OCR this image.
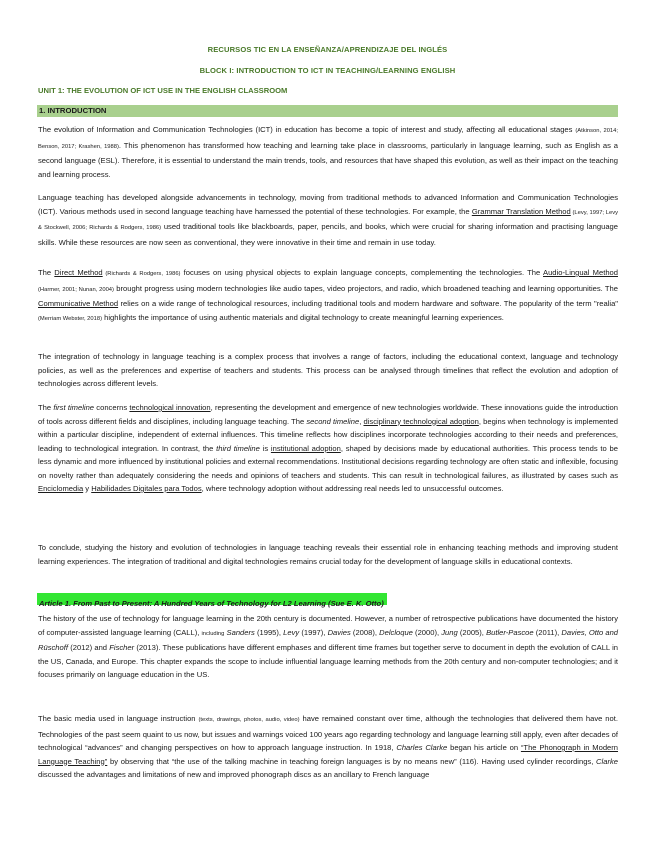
RECURSOS TIC EN LA ENSEÑANZA/APRENDIZAJE DEL INGLÉS
BLOCK I: INTRODUCTION TO ICT IN TEACHING/LEARNING ENGLISH
UNIT 1: THE EVOLUTION OF ICT USE IN THE ENGLISH CLASSROOM
1. INTRODUCTION

The evolution of Information and Communication Technologies (ICT) in education has become a topic of interest and study, affecting all educational stages (Atkinson, 2014; Benson, 2017; Krashen, 1988). This phenomenon has transformed how teaching and learning take place in classrooms, particularly in language learning, such as English as a second language (ESL). Therefore, it is essential to understand the main trends, tools, and resources that have shaped this evolution, as well as their impact on the teaching and learning process.

Language teaching has developed alongside advancements in technology, moving from traditional methods to advanced Information and Communication Technologies (ICT). Various methods used in second language teaching have harnessed the potential of these technologies. For example, the Grammar Translation Method (Levy, 1997; Levy & Stockwell, 2006; Richards & Rodgers, 1986) used traditional tools like blackboards, paper, pencils, and books, which were crucial for sharing information and practising language skills. While these resources are now seen as conventional, they were innovative in their time and remain in use today.

The Direct Method (Richards & Rodgers, 1986) focuses on using physical objects to explain language concepts, complementing the technologies. The Audio-Lingual Method (Harmer, 2001; Nunan, 2004) brought progress using modern technologies like audio tapes, video projectors, and radio, which broadened teaching and learning opportunities. The Communicative Method relies on a wide range of technological resources, including traditional tools and modern hardware and software. The popularity of the term "realia" (Merriam Webster, 2018) highlights the importance of using authentic materials and digital technology to create meaningful learning experiences.

The integration of technology in language teaching is a complex process that involves a range of factors, including the educational context, language and technology policies, as well as the preferences and expertise of teachers and students. This process can be analysed through timelines that reflect the evolution and adoption of technologies across different levels.

The first timeline concerns technological innovation, representing the development and emergence of new technologies worldwide. These innovations guide the introduction of tools across different fields and disciplines, including language teaching. The second timeline, disciplinary technological adoption, begins when technology is implemented within a particular discipline, independent of external influences. This timeline reflects how disciplines incorporate technologies according to their needs and preferences, leading to technological integration. In contrast, the third timeline is institutional adoption, shaped by decisions made by educational authorities. This process tends to be less dynamic and more influenced by institutional policies and external recommendations. Institutional decisions regarding technology are often static and inflexible, focusing on novelty rather than adequately considering the needs and opinions of teachers and students. This can result in technological failures, as illustrated by cases such as Enciclomedia y Habilidades Digitales para Todos, where technology adoption without addressing real needs led to unsuccessful outcomes.

To conclude, studying the history and evolution of technologies in language teaching reveals their essential role in enhancing teaching methods and improving student learning experiences. The integration of traditional and digital technologies remains crucial today for the development of language skills in educational contexts.

Article 1. From Past to Present: A Hundred Years of Technology for L2 Learning (Sue E. K. Otto)

The history of the use of technology for language learning in the 20th century is documented. However, a number of retrospective publications have documented the history of computer-assisted language learning (CALL), including Sanders (1995), Levy (1997), Davies (2008), Delcloque (2000), Jung (2005), Butler-Pascoe (2011), Davies, Otto and Rüschoff (2012) and Fischer (2013). These publications have different emphases and different time frames but together serve to document in depth the evolution of CALL in the US, Canada, and Europe. This chapter expands the scope to include influential language learning methods from the 20th century and non-computer technologies; and it focuses primarily on language education in the US.

The basic media used in language instruction (texts, drawings, photos, audio, video) have remained constant over time, although the technologies that delivered them have not. Technologies of the past seem quaint to us now, but issues and warnings voiced 100 years ago regarding technology and language learning still apply, even after decades of technological “advances” and changing perspectives on how to approach language instruction. In 1918, Charles Clarke began his article on “The Phonograph in Modern Language Teaching” by observing that “the use of the talking machine in teaching foreign languages is by no means new” (116). Having used cylinder recordings, Clarke discussed the advantages and limitations of new and improved phonograph discs as an ancillary to French language
